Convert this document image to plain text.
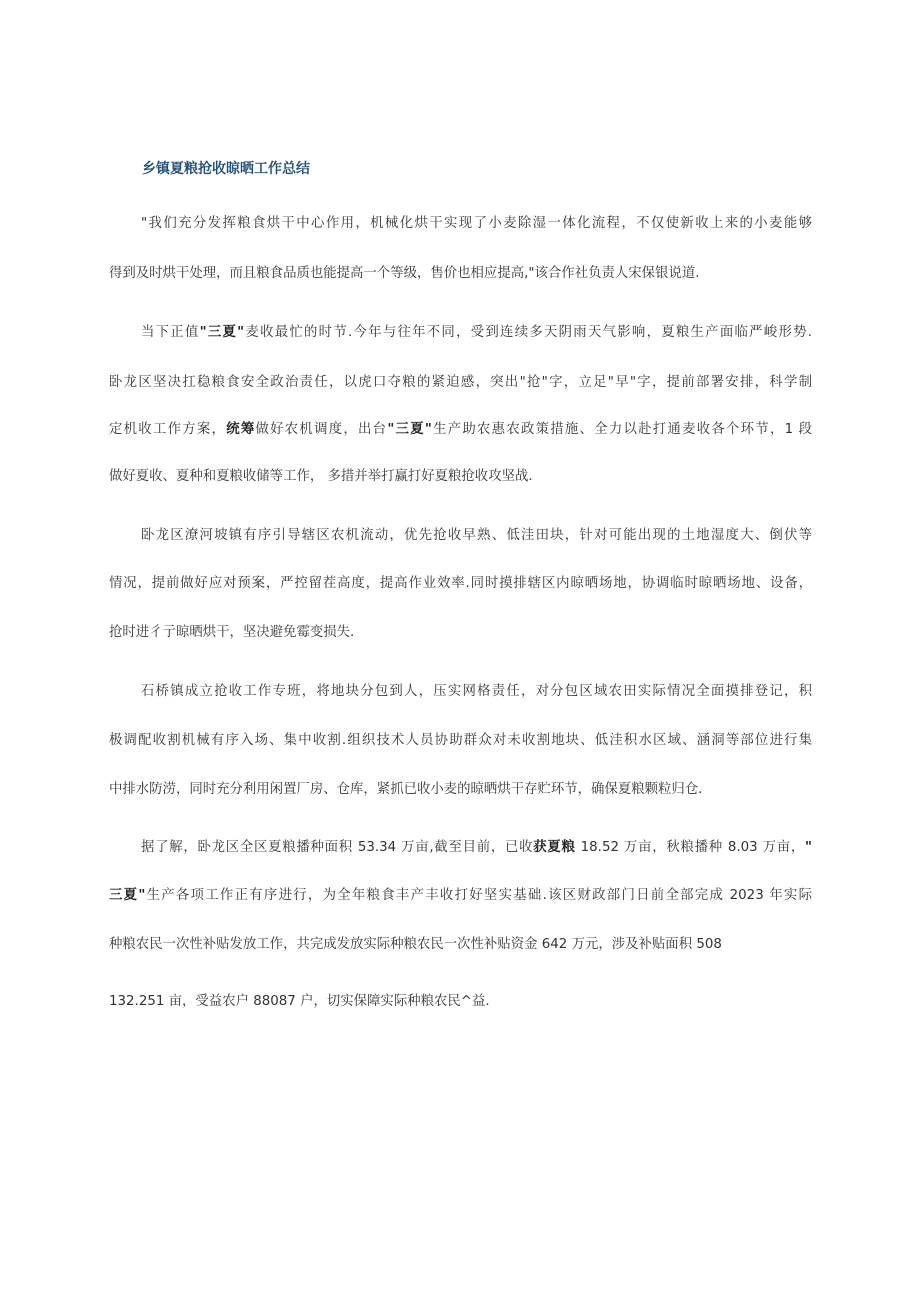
乡镇夏粮抢收晾晒工作总结

"我们充分发挥粮食烘干中心作用，机械化烘干实现了小麦除湿一体化流程，不仅使新收上来的小麦能够

得到及时烘干处理，而且粮食品质也能提高一个等级，售价也相应提高,"该合作社负责人宋保银说道.

当下正值"三夏"麦收最忙的时节.今年与往年不同，受到连续多天阴雨天气影响，夏粮生产面临严峻形势.

卧龙区坚决扛稳粮食安全政治责任，以虎口夺粮的紧迫感，突出"抢"字，立足"早"字，提前部署安排，科学制

定机收工作方案，统筹做好农机调度，出台"三夏"生产助农惠农政策措施、全力以赴打通麦收各个环节，1 段

做好夏收、夏种和夏粮收储等工作， 多措并举打赢打好夏粮抢收攻坚战.

卧龙区潦河坡镇有序引导辖区农机流动，优先抢收早熟、低洼田块，针对可能出现的土地湿度大、倒伏等

情况，提前做好应对预案，严控留茬高度，提高作业效率.同时摸排辖区内晾晒场地，协调临时晾晒场地、设备，

抢时进彳亍晾晒烘干，坚决避免霉变损失.

石桥镇成立抢收工作专班，将地块分包到人，压实网格责任，对分包区域农田实际情况全面摸排登记，积

极调配收割机械有序入场、集中收割.组织技术人员协助群众对未收割地块、低洼积水区域、涵洞等部位进行集

中排水防涝，同时充分利用闲置厂房、仓库，紧抓已收小麦的晾晒烘干存贮环节，确保夏粮颗粒归仓.

据了解，卧龙区全区夏粮播种面积 53.34 万亩,截至目前，已收获夏粮 18.52 万亩，秋粮播种 8.03 万亩，"

三夏"生产各项工作正有序进行，为全年粮食丰产丰收打好坚实基础.该区财政部门日前全部完成 2023 年实际

种粮农民一次性补贴发放工作，共完成发放实际种粮农民一次性补贴资金 642 万元，涉及补贴面积 508

132.251 亩，受益农户 88087 户，切实保障实际种粮农民^益.
